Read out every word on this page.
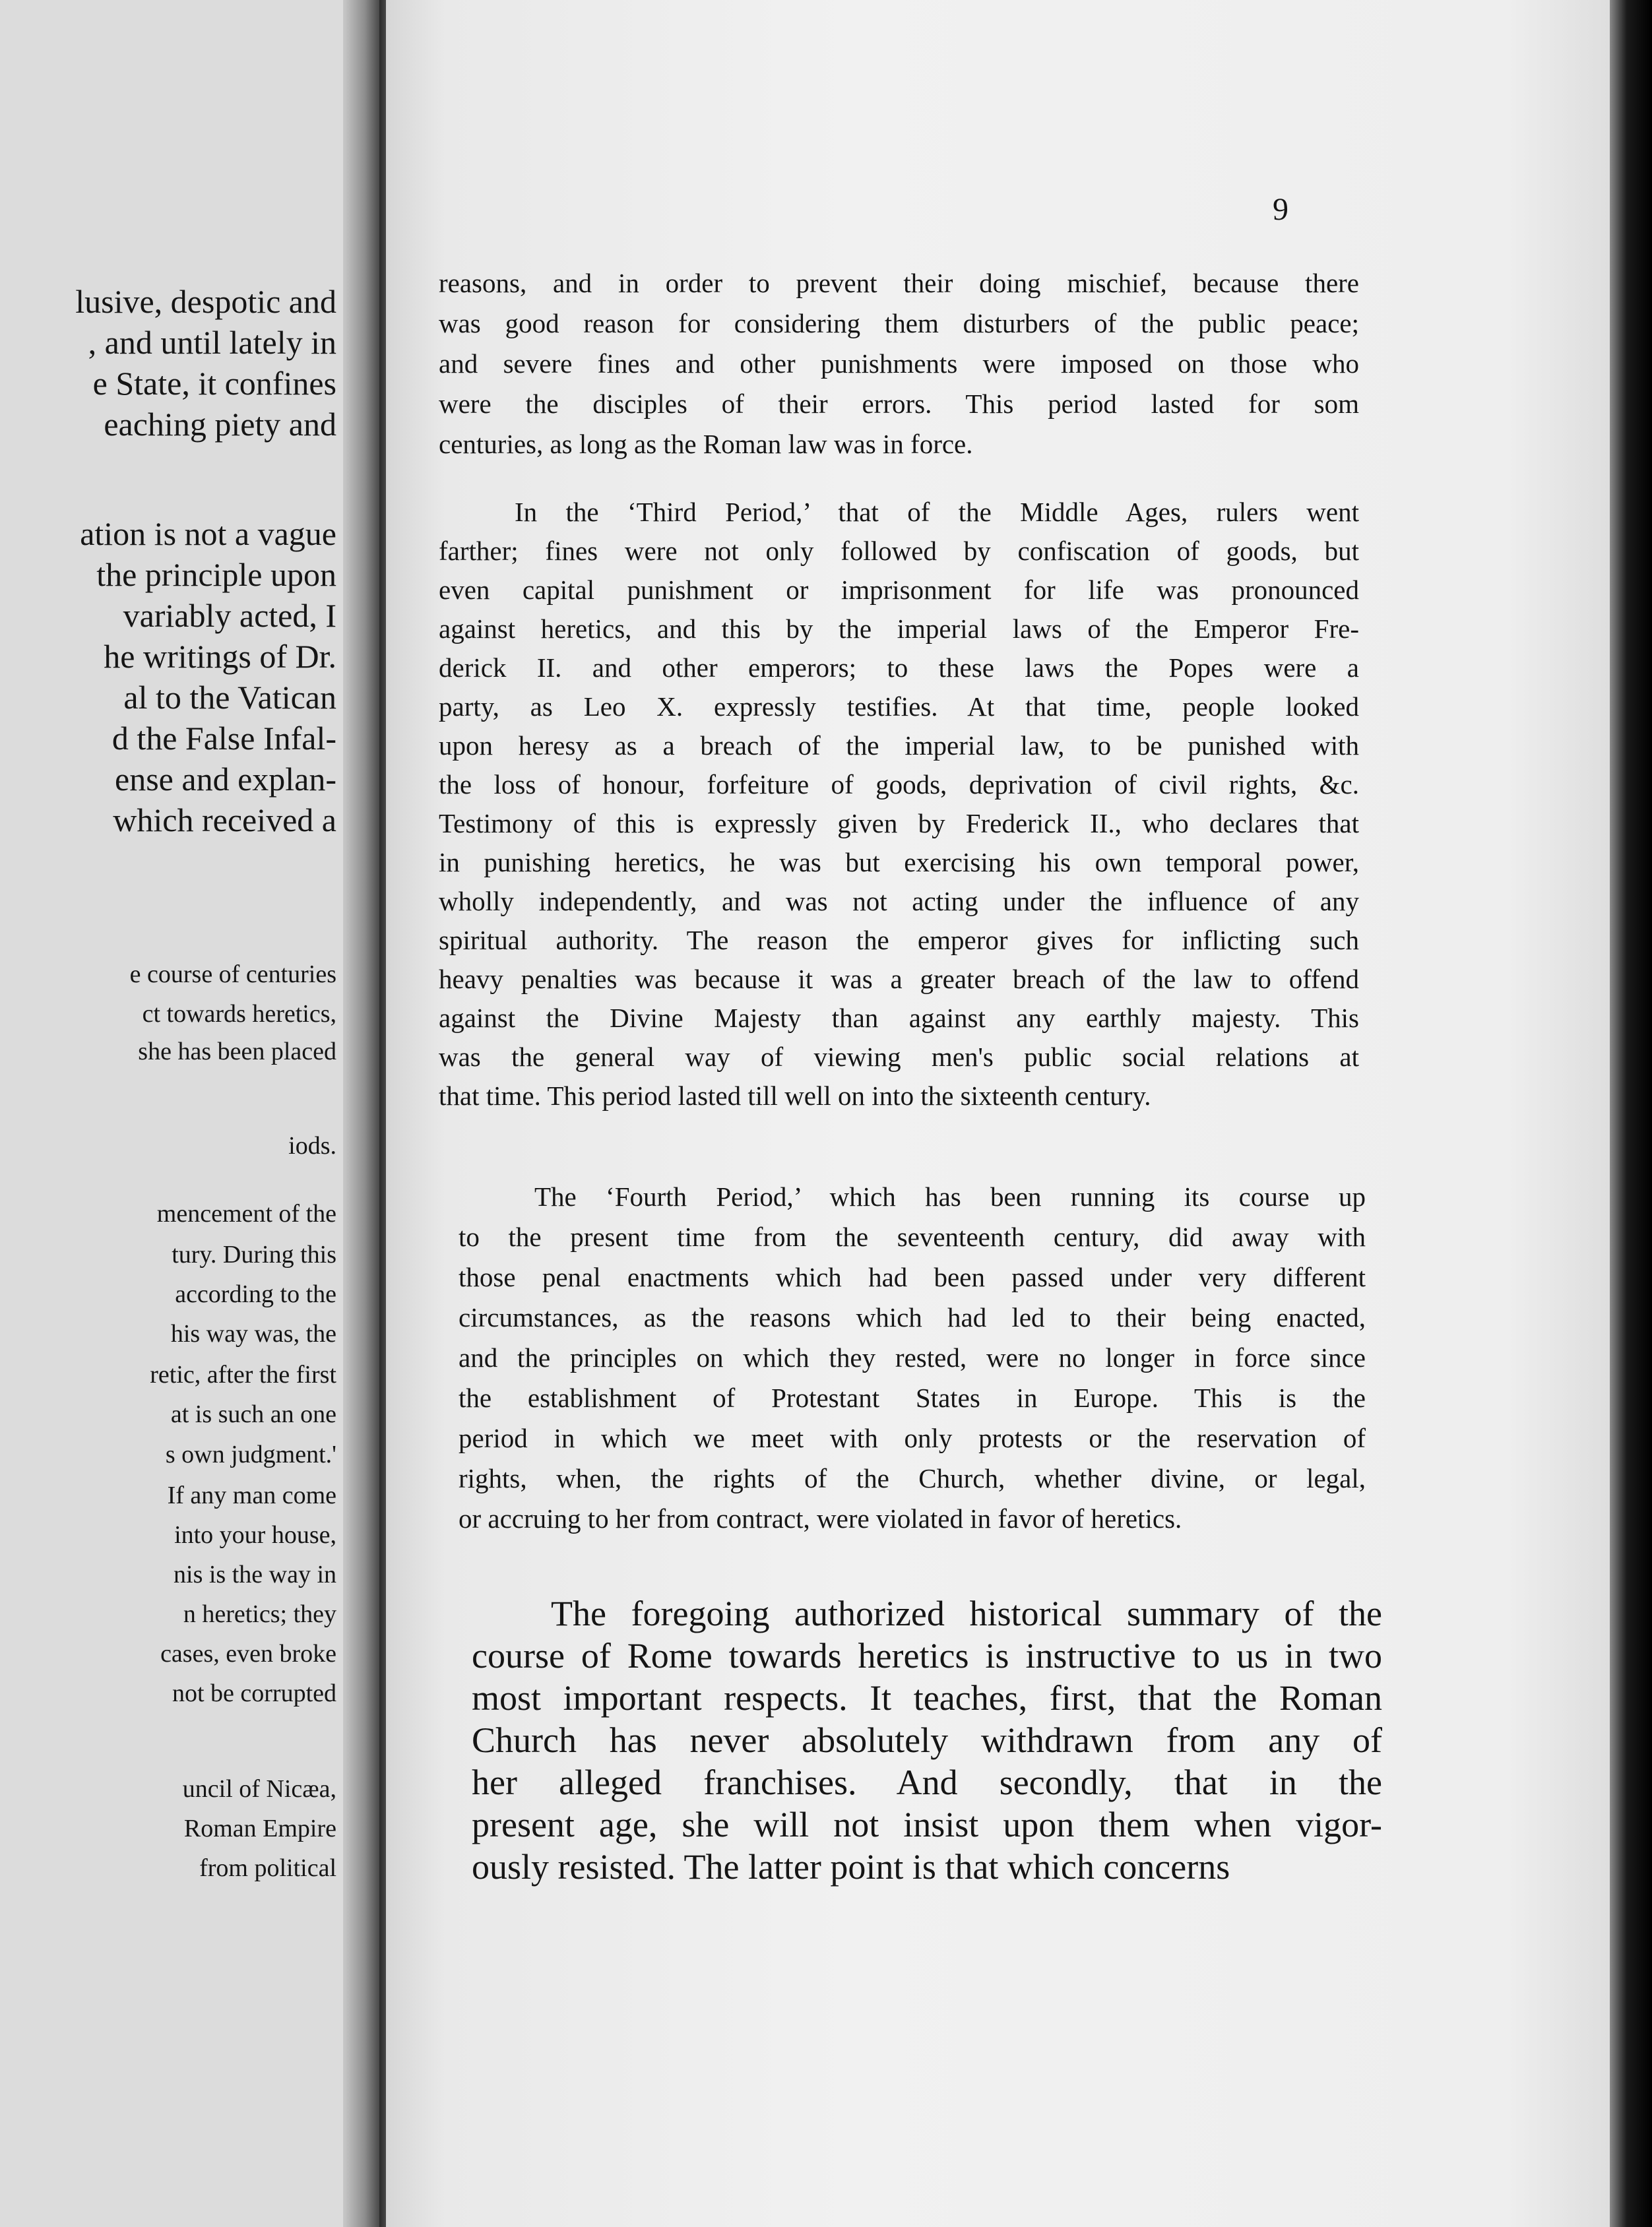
lusive, despotic and
, and until lately in
e State, it confines
eaching piety and
ation is not a vague
the principle upon
variably acted, I
he writings of Dr.
al to the Vatican
d the False Infal-
ense and explan-
which received a
e course of centuries
ct towards heretics,
she has been placed
iods.
mencement of the
tury. During this
according to the
his way was, the
retic, after the first
at is such an one
s own judgment.'
If any man come
into your house,
nis is the way in
n heretics; they
cases, even broke
not be corrupted
uncil of Nicæa,
Roman Empire
from political
9
reasons, and in order to prevent their doing mischief, because there
was good reason for considering them disturbers of the public peace;
and severe fines and other punishments were imposed on those who
were the disciples of their errors. This period lasted for som
centuries, as long as the Roman law was in force.
In the ‘Third Period,’ that of the Middle Ages, rulers went
farther; fines were not only followed by confiscation of goods, but
even capital punishment or imprisonment for life was pronounced
against heretics, and this by the imperial laws of the Emperor Fre-
derick II. and other emperors; to these laws the Popes were a
party, as Leo X. expressly testifies. At that time, people looked
upon heresy as a breach of the imperial law, to be punished with
the loss of honour, forfeiture of goods, deprivation of civil rights, &c.
Testimony of this is expressly given by Frederick II., who declares that
in punishing heretics, he was but exercising his own temporal power,
wholly independently, and was not acting under the influence of any
spiritual authority. The reason the emperor gives for inflicting such
heavy penalties was because it was a greater breach of the law to offend
against the Divine Majesty than against any earthly majesty. This
was the general way of viewing men's public social relations at
that time. This period lasted till well on into the sixteenth century.
The ‘Fourth Period,’ which has been running its course up
to the present time from the seventeenth century, did away with
those penal enactments which had been passed under very different
circumstances, as the reasons which had led to their being enacted,
and the principles on which they rested, were no longer in force since
the establishment of Protestant States in Europe. This is the
period in which we meet with only protests or the reservation of
rights, when, the rights of the Church, whether divine, or legal,
or accruing to her from contract, were violated in favor of heretics.
The foregoing authorized historical summary of the
course of Rome towards heretics is instructive to us in two
most important respects. It teaches, first, that the Roman
Church has never absolutely withdrawn from any of
her alleged franchises. And secondly, that in the
present age, she will not insist upon them when vigor-
ously resisted. The latter point is that which concerns
